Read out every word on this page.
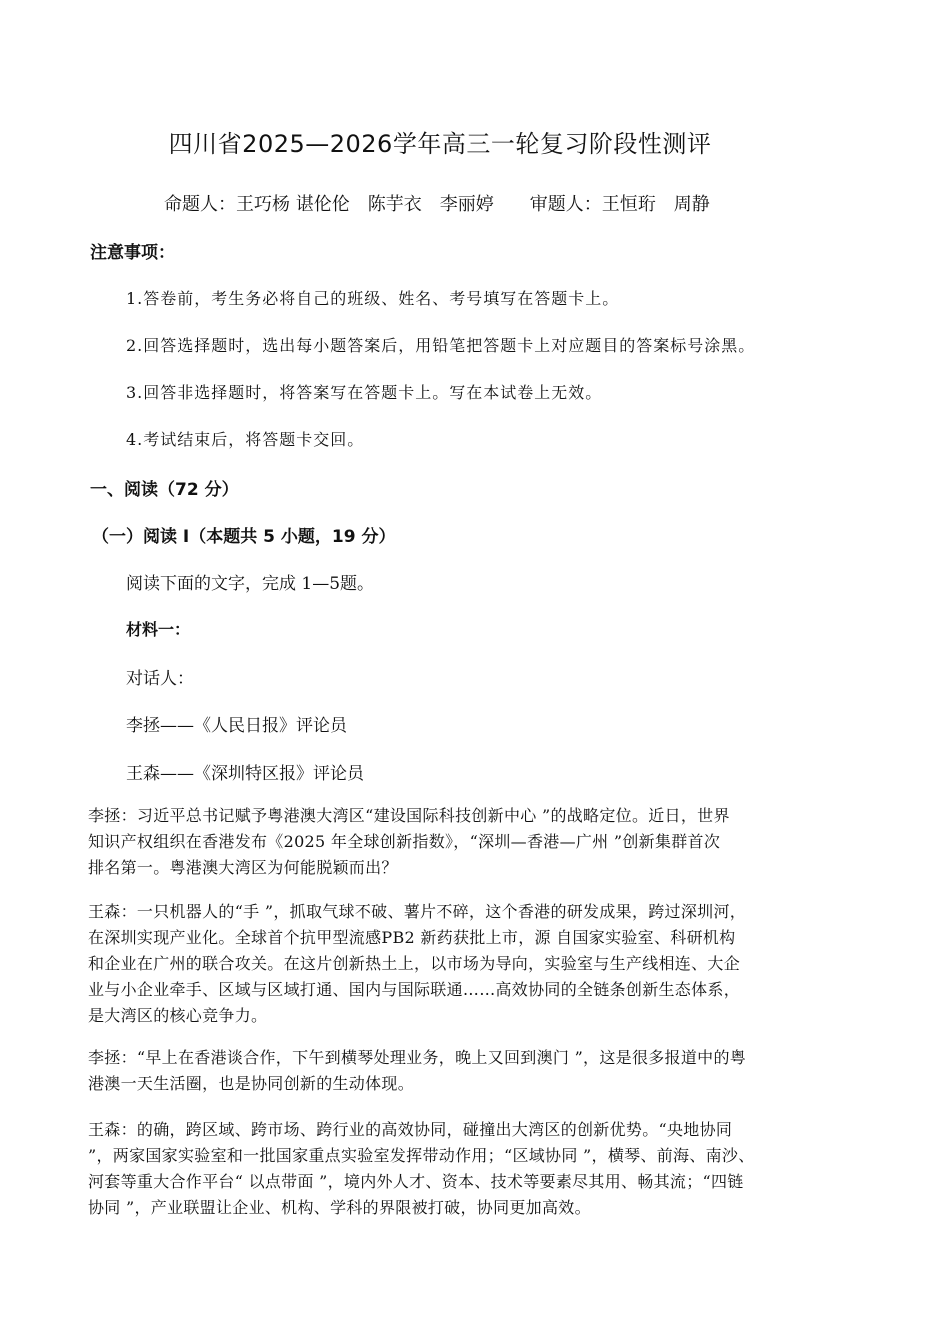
四川省2025—2026学年高三一轮复习阶段性测评
命题人：王巧杨 谌伦伦　陈芋衣　李丽婷　　审题人：王恒珩　周静
注意事项：
1.答卷前，考生务必将自己的班级、姓名、考号填写在答题卡上。
2.回答选择题时，选出每小题答案后，用铅笔把答题卡上对应题目的答案标号涂黑。
3.回答非选择题时，将答案写在答题卡上。写在本试卷上无效。
4.考试结束后，将答题卡交回。
一、阅读（72 分）
（一）阅读 Ⅰ（本题共 5 小题，19 分）
阅读下面的文字，完成 1—5题。
材料一：
对话人：
李拯——《人民日报》评论员
王森——《深圳特区报》评论员

李拯：习近平总书记赋予粤港澳大湾区“建设国际科技创新中心 ”的战略定位。近日，世界

知识产权组织在香港发布《2025 年全球创新指数》，“深圳—香港—广州 ”创新集群首次

排名第一。粤港澳大湾区为何能脱颖而出？

王森：一只机器人的“手 ”，抓取气球不破、薯片不碎，这个香港的研发成果，跨过深圳河，

在深圳实现产业化。全球首个抗甲型流感PB2 新药获批上市，源 自国家实验室、科研机构

和企业在广州的联合攻关。在这片创新热土上，以市场为导向，实验室与生产线相连、大企

业与小企业牵手、区域与区域打通、国内与国际联通……高效协同的全链条创新生态体系，

是大湾区的核心竞争力。

李拯：“早上在香港谈合作，下午到横琴处理业务，晚上又回到澳门 ”，这是很多报道中的粤

港澳一天生活圈，也是协同创新的生动体现。

王森：的确，跨区域、跨市场、跨行业的高效协同，碰撞出大湾区的创新优势。“央地协同

”，两家国家实验室和一批国家重点实验室发挥带动作用；“区域协同 ”，横琴、前海、南沙、

河套等重大合作平台“ 以点带面 ”，境内外人才、资本、技术等要素尽其用、畅其流；“四链

协同 ”，产业联盟让企业、机构、学科的界限被打破，协同更加高效。
